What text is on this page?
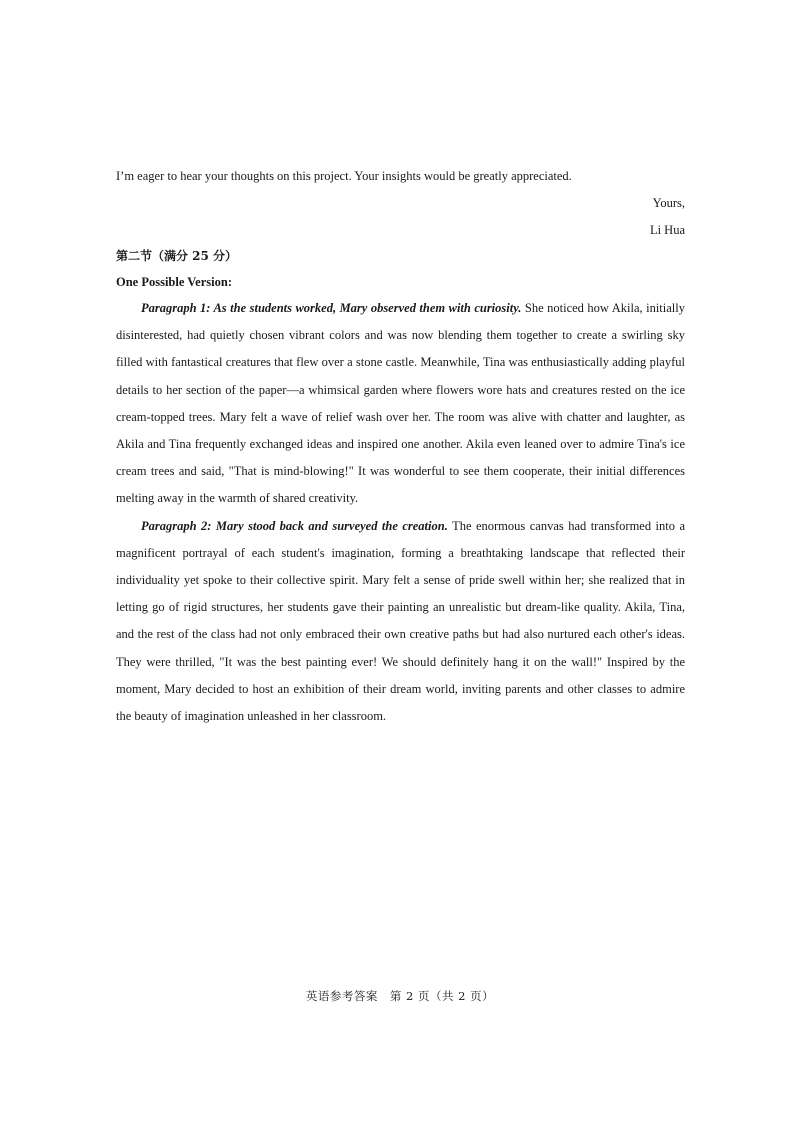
I’m eager to hear your thoughts on this project. Your insights would be greatly appreciated.

Yours,

Li Hua

第二节（满分 25 分）

One Possible Version:

Paragraph 1: As the students worked, Mary observed them with curiosity. She noticed how Akila, initially disinterested, had quietly chosen vibrant colors and was now blending them together to create a swirling sky filled with fantastical creatures that flew over a stone castle. Meanwhile, Tina was enthusiastically adding playful details to her section of the paper—a whimsical garden where flowers wore hats and creatures rested on the ice cream-topped trees. Mary felt a wave of relief wash over her. The room was alive with chatter and laughter, as Akila and Tina frequently exchanged ideas and inspired one another. Akila even leaned over to admire Tina's ice cream trees and said, "That is mind-blowing!" It was wonderful to see them cooperate, their initial differences melting away in the warmth of shared creativity.

Paragraph 2: Mary stood back and surveyed the creation. The enormous canvas had transformed into a magnificent portrayal of each student's imagination, forming a breathtaking landscape that reflected their individuality yet spoke to their collective spirit. Mary felt a sense of pride swell within her; she realized that in letting go of rigid structures, her students gave their painting an unrealistic but dream-like quality. Akila, Tina, and the rest of the class had not only embraced their own creative paths but had also nurtured each other's ideas. They were thrilled, "It was the best painting ever! We should definitely hang it on the wall!" Inspired by the moment, Mary decided to host an exhibition of their dream world, inviting parents and other classes to admire the beauty of imagination unleashed in her classroom.

英语参考答案　第 2 页（共 2 页）
